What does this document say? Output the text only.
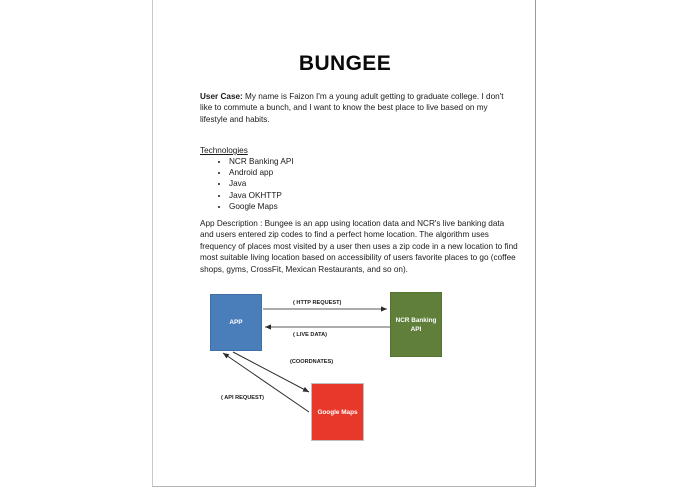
BUNGEE
User Case: My name is Faizon I'm a young adult getting to graduate college. I don't like to commute a bunch, and I want to know the best place to live based on my lifestyle and habits.
Technologies
• NCR Banking API
• Android app
• Java
• Java OKHTTP
• Google Maps
App Description : Bungee is an app using location data and NCR's live banking data and users entered zip codes to find a perfect home location. The algorithm uses frequency of places most visited by a user then uses a zip code in a new location to find most suitable living location based on accessibility of users favorite places to go (coffee shops, gyms, CrossFit, Mexican Restaurants, and so on).
APP	NCR Banking
API
Google Maps
( HTTP REQUEST)
( LIVE DATA)
(COORDNATES)
( API REQUEST)
